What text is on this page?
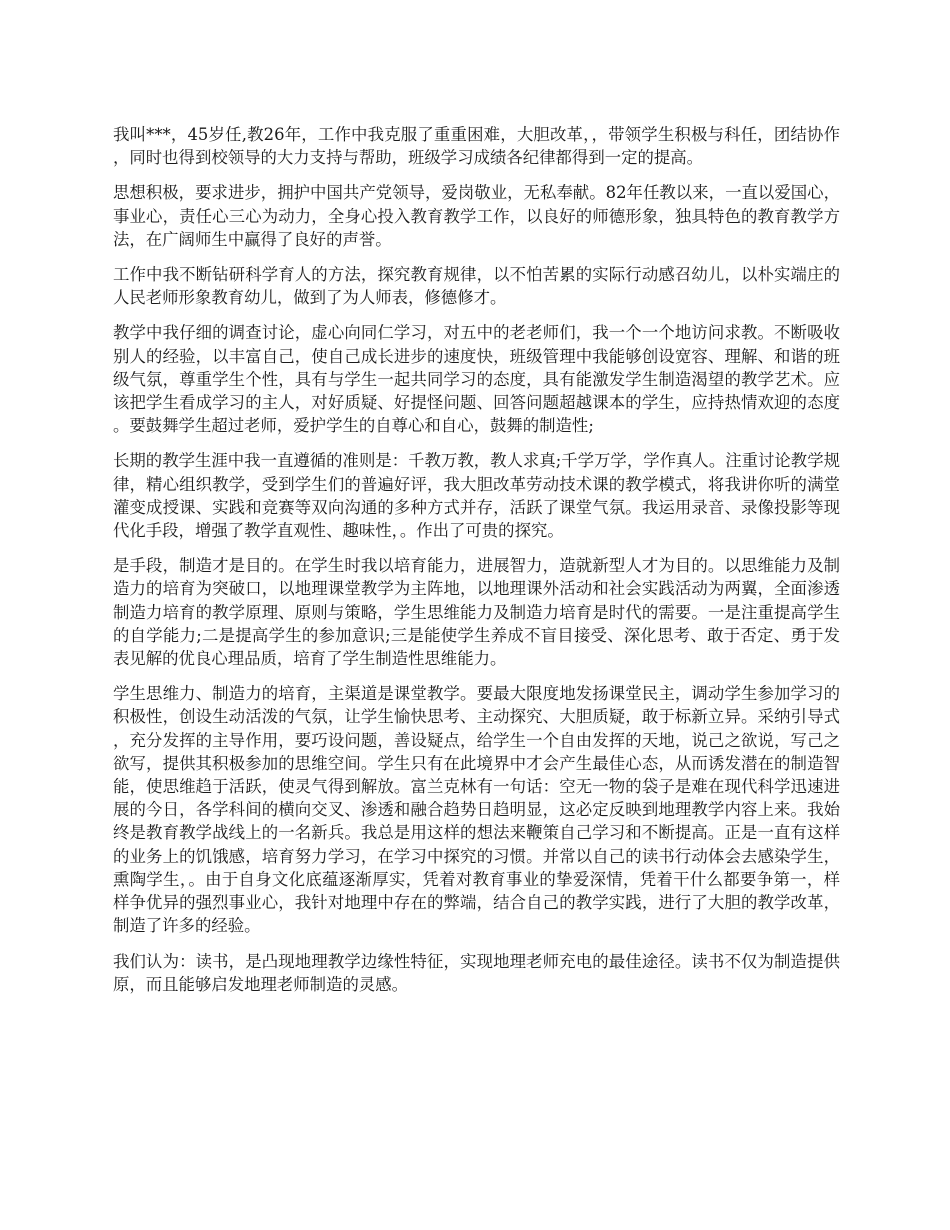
我叫***，45岁任,教26年，工作中我克服了重重困难，大胆改革，，带领学生积极与科任，团结协作，同时也得到校领导的大力支持与帮助，班级学习成绩各纪律都得到一定的提高。

思想积极，要求进步，拥护中国共产党领导，爱岗敬业，无私奉献。82年任教以来，一直以爱国心，事业心，责任心三心为动力，全身心投入教育教学工作，以良好的师德形象，独具特色的教育教学方法，在广阔师生中赢得了良好的声誉。

工作中我不断钻研科学育人的方法，探究教育规律，以不怕苦累的实际行动感召幼儿，以朴实端庄的人民老师形象教育幼儿，做到了为人师表，修德修才。

教学中我仔细的调查讨论，虚心向同仁学习，对五中的老老师们，我一个一个地访问求教。不断吸收别人的经验，以丰富自己，使自己成长进步的速度快，班级管理中我能够创设宽容、理解、和谐的班级气氛，尊重学生个性，具有与学生一起共同学习的态度，具有能激发学生制造渴望的教学艺术。应该把学生看成学习的主人，对好质疑、好提怪问题、回答问题超越课本的学生，应持热情欢迎的态度。要鼓舞学生超过老师，爱护学生的自尊心和自心，鼓舞的制造性;

长期的教学生涯中我一直遵循的准则是：千教万教，教人求真;千学万学，学作真人。注重讨论教学规律，精心组织教学，受到学生们的普遍好评，我大胆改革劳动技术课的教学模式，将我讲你听的满堂灌变成授课、实践和竞赛等双向沟通的多种方式并存，活跃了课堂气氛。我运用录音、录像投影等现代化手段，增强了教学直观性、趣味性，。作出了可贵的探究。

是手段，制造才是目的。在学生时我以培育能力，进展智力，造就新型人才为目的。以思维能力及制造力的培育为突破口，以地理课堂教学为主阵地，以地理课外活动和社会实践活动为两翼，全面渗透制造力培育的教学原理、原则与策略，学生思维能力及制造力培育是时代的需要。一是注重提高学生的自学能力;二是提高学生的参加意识;三是能使学生养成不盲目接受、深化思考、敢于否定、勇于发表见解的优良心理品质，培育了学生制造性思维能力。

学生思维力、制造力的培育，主渠道是课堂教学。要最大限度地发扬课堂民主，调动学生参加学习的积极性，创设生动活泼的气氛，让学生愉快思考、主动探究、大胆质疑，敢于标新立异。采纳引导式，充分发挥的主导作用，要巧设问题，善设疑点，给学生一个自由发挥的天地，说己之欲说，写己之欲写，提供其积极参加的思维空间。学生只有在此境界中才会产生最佳心态，从而诱发潜在的制造智能，使思维趋于活跃，使灵气得到解放。富兰克林有一句话：空无一物的袋子是难在现代科学迅速进展的今日，各学科间的横向交叉、渗透和融合趋势日趋明显，这必定反映到地理教学内容上来。我始终是教育教学战线上的一名新兵。我总是用这样的想法来鞭策自己学习和不断提高。正是一直有这样的业务上的饥饿感，培育努力学习，在学习中探究的习惯。并常以自己的读书行动体会去感染学生，熏陶学生，。由于自身文化底蕴逐渐厚实，凭着对教育事业的挚爱深情，凭着干什么都要争第一，样样争优异的强烈事业心，我针对地理中存在的弊端，结合自己的教学实践，进行了大胆的教学改革，制造了许多的经验。

我们认为：读书，是凸现地理教学边缘性特征，实现地理老师充电的最佳途径。读书不仅为制造提供原，而且能够启发地理老师制造的灵感。
